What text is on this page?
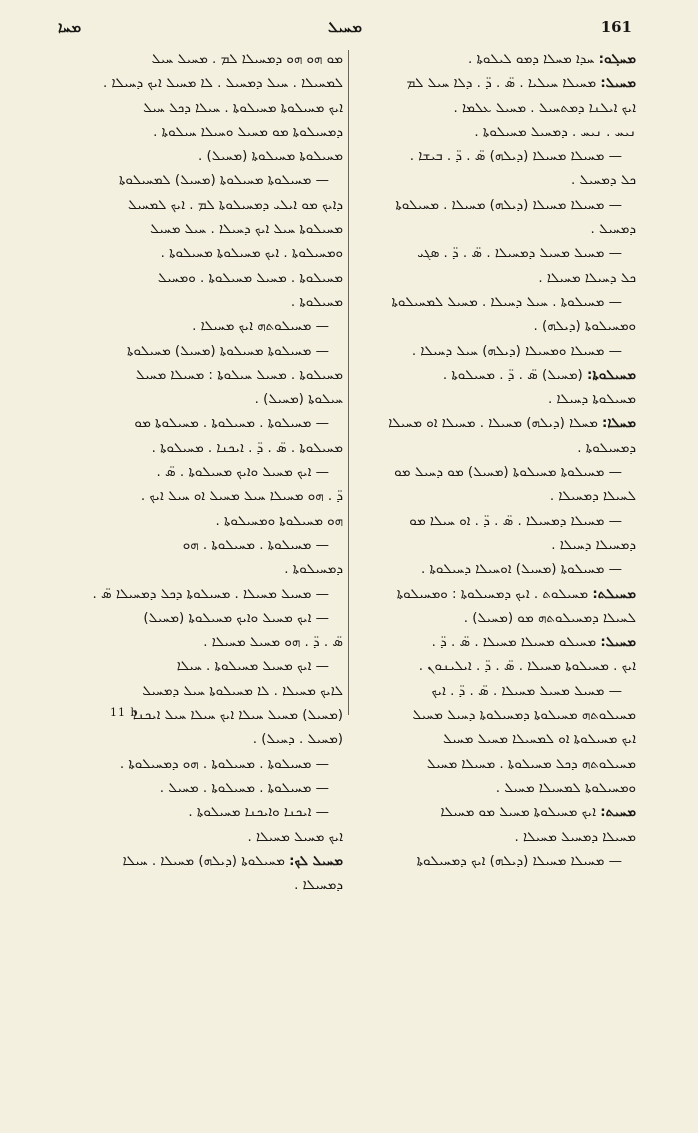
ܡܚܐ	ܡܚܝܠ	161
ܡܚܠ݂ܘ: ܚܕܐ ܡܚܠܐ ܕܡܘ ܠܝܠܘܬܐ .
ܡܚܝܠ: ܡܚܝܠܐ ܚܝܠܝܐ . ܣ̈ . ܕ̈ . ܕܠܐ ܚܝܠ ܠܡ
ܐܝܟ ܐܝܠܢܐ ܕܡܬܚܝܠ . ܡܚܝܠ ܥܠܡܐ .
ܢܝܚ . ܢܝܚ . ܕܡܚܝܠ ܡܚܝܠܘܬܐ .
— ܡܚܝܠܐ ܡܚܝܠܐ (ܕܝܠܗ) ܣ̈ . ܕ̈ . ܒܝܫܐ .
ܟܠ ܕܡܚܝܠ .
— ܡܚܝܠܐ ܡܚܝܠܐ (ܕܝܠܗ) ܡܚܝܠܐ . ܡܚܝܠܘܬܐ
ܕܡܚܝܠ .
— ܡܚܝܠ ܡܚܝܠ ܕܡܚܝܠܐ . ܣ̈ . ܕ̈ . ܣܓܝ
ܟܠ ܕܚܝܠܐ ܡܚܝܠܐ .
— ܡܚܝܠܘܬܐ . ܚܝܠ ܕܚܝܠܐ . ܡܚܝܠ ܠܡܚܝܠܘܬܐ
ܘܡܚܝܠܘܬܐ (ܕܝܠܗ) .
— ܡܚܝܠܐ ܘܡܚܝܠܐ (ܕܝܠܗ) ܚܝܠ ܕܚܝܠܐ .
ܡܚܝܠܘܬܐ: (ܡܚܝܠ) ܣ̈ . ܕ̈ . ܡܚܝܠܘܬܐ .
ܡܚܝܠܘܬܐ ܕܚܝܠܐ .
ܡܚܠܐ: ܡܚܠܐ (ܕܝܠܗ) ܡܚܝܠܐ . ܡܚܝܠܐ ܐܘ ܡܚܝܠܐ
ܕܡܚܝܠܘܬܐ .
— ܡܚܝܠܘܬܐ ܡܚܝܠܘܬܐ (ܡܚܝܠ) ܡܘ ܕܚܝܠ ܡܘ
ܠܚܝܠܐ ܕܡܚܝܠܐ .
— ܡܚܝܠܐ ܕܡܚܝܠܐ . ܣ̈ . ܕ̈ . ܐܘ ܚܝܠܐ ܡܘ
ܕܡܚܝܠܐ ܕܚܝܠܐ .
— ܡܚܝܠܘܬܐ (ܡܚܝܠ) ܐܘܚܝܠܐ ܕܚܝܠܘܬܐ .
ܡܚܝܠܬ: ܡܚܝܠܘܬ . ܐܝܟ ܕܡܚܝܠܘܬܐ : ܘܡܚܝܠܘܬܐ
ܠܚܝܠܐ ܕܡܚܝܠܘܬܗ ܡܘ (ܡܚܝܠ) .
ܡܚܝܠ: ܡܚܝܠܘ ܡܚܝܠܐ ܡܚܝܠܐ . ܣ̈ . ܕ̈ .
ܐܝܟ . ܡܚܝܠܘܬܐ ܡܚܝܠܐ . ܣ̈ . ܕ̈ . ܐܝܠܝܢܘܢ .
— ܡܚܝܠ ܡܚܝܠ ܡܚܝܠܐ . ܣ̈ . ܕ̈ . ܐܝܟ
ܡܚܝܠܘܬܗ ܡܚܝܠܘܬܐ ܕܡܚܝܠܘܬܐ ܕܚܝܠ ܡܚܝܠ
ܐܝܟ ܡܚܝܠܘܬܐ ܐܘ ܠܡܚܝܠܐ ܡܚܝܠ ܡܚܝܠ
ܡܚܝܠܘܬܗ ܕܟܠ ܡܚܝܠܘܬܐ . ܡܚܝܠܐ ܡܚܝܠ
ܘܡܚܝܠܘܬܐ ܠܡܚܝܠܐ ܡܚܝܠ .
ܡܚܝܬ: ܐܝܟ ܡܚܝܠܘܬܐ ܡܚܝܠ ܡܘ ܡܚܝܠܐ
ܡܚܝܠܐ ܕܡܚܝܠ ܡܚܝܠܐ .
— ܡܚܝܠܐ ܡܚܝܠܐ (ܕܝܠܗ) ܐܝܟ ܕܡܚܝܠܘܬܐ
ܡܘ ܗܘ ܗܘ ܕܡܚܝܠܐ ܠܡ . ܡܚܝܠ ܚܝܠ
ܠܡܚܝܠܐ . ܚܝܠ ܕܡܚܝܠ . ܠܐ ܡܚܝܠ ܐܝܟ ܕܚܝܠܐ .
ܐܝܟ ܡܚܝܠܘܬܐ ܡܚܝܠܘܬܐ . ܚܝܠܐ ܕܟܠ ܚܝܠ
ܕܡܚܝܠܘܬܐ ܡܘ ܡܚܝܠ ܘܚܝܠܐ ܚܝܠܘܬܐ .
ܡܚܝܠܘܬܐ ܡܚܝܠܘܬܐ (ܡܚܝܠ) .
— ܡܚܝܠܘܬܐ ܡܚܝܠܘܬܐ (ܡܚܝܠ) ܠܡܚܝܠܘܬܐ
ܕܐܝܟ ܡܘ ܐܝܠܝ ܕܡܚܝܠܘܬܐ ܠܡ . ܐܝܟ ܠܡܚܝܠ
ܡܚܝܠܘܬܐ ܚܝܠ ܐܝܟ ܕܚܝܠܐ . ܚܝܠ ܡܚܝܠ
ܘܡܚܝܠܘܬܐ . ܐܝܟ ܡܚܝܠܘܬܐ ܡܚܝܠܘܬܐ .
ܡܚܝܠܘܬܐ . ܡܚܝܠ ܡܚܝܠܘܬܐ . ܘܡܚܝܠ
ܡܚܝܠܘܬܐ .
— ܡܚܝܠܘܬܗ ܐܝܟ ܡܚܝܠܐ .
— ܡܚܝܠܘܬܐ ܡܚܝܠܘܬܐ (ܡܚܝܠ) ܡܚܝܠܘܬܐ
ܡܚܝܠܘܬܐ . ܡܚܝܠ ܚܝܠܘܬܐ : ܡܚܝܠܐ ܡܚܝܠ
ܚܝܠܘܬܐ (ܡܚܝܠ) .
— ܡܚܝܠܘܬܐ . ܡܚܝܠܘܬܐ . ܡܚܝܠܘܬܐ ܡܘ
ܡܚܝܠܘܬܐ . ܣ̈ . ܕ̈ . ܐܝܟܢܐ . ܡܚܝܠܘܬܐ .
— ܐܝܟ ܡܚܝܠ ܘܐܝܟ ܡܚܝܠܘܬܐ . ܣ̈ .
ܕ̈ . ܗܘ ܡܚܝܠܐ ܚܝܠ ܡܚܝܠ ܐܘ ܚܝܠ ܐܝܟ .
ܗܘ ܡܚܝܠܘܬܐ ܘܡܚܝܠܘܬܐ .
— ܡܚܝܠܘܬܐ . ܡܚܝܠܘܬܐ . ܗܘ
ܕܡܚܝܠܘܬܐ .
— ܡܚܝܠ ܡܚܝܠܐ . ܡܚܝܠܘܬܐ ܕܟܠ ܕܡܚܝܠܐ ܣ̈ .
— ܐܝܟ ܡܚܝܠ ܘܐܝܟ ܡܚܝܠܘܬܐ (ܡܚܝܠ)
ܣ̈ . ܕ̈ . ܗܘ ܡܚܝܠ ܡܚܝܠܐ .
— ܐܝܟ ܡܚܝܠ ܡܚܝܠܘܬܐ . ܚܝܠܐ
ܠܐܝܟ ܡܚܝܠܐ . ܠܐ ܡܚܝܠܘܬܐ ܚܝܠ ܕܡܚܝܠ
(ܡܚܝܠ) ܡܚܝܠ ܚܝܠܐ ܐܝܟ ܚܝܠܐ ܚܝܠ ܐܝܟܢܐ
(ܡܚܝܠ . ܕܚܝܠ) .
— ܡܚܝܠܘܬܐ . ܡܚܝܠܘܬܐ . ܗܘ ܕܡܚܝܠܘܬܐ .
— ܡܚܝܠܘܬܐ . ܡܚܝܠܘܬܐ . ܡܚܝܠ .
— ܐܝܟܢܐ ܘܐܝܟܢܐ ܡܚܝܠܘܬܐ .
ܐܝܟ ܡܚܝܠ ܡܚܝܠܐ .
ܡܚܝܠ ܠܟ: ܡܚܝܠܘܬܐ (ܕܝܠܗ) ܡܚܝܠܐ . ܚܝܠܐ
ܕܡܚܝܠܐ .
11 b
